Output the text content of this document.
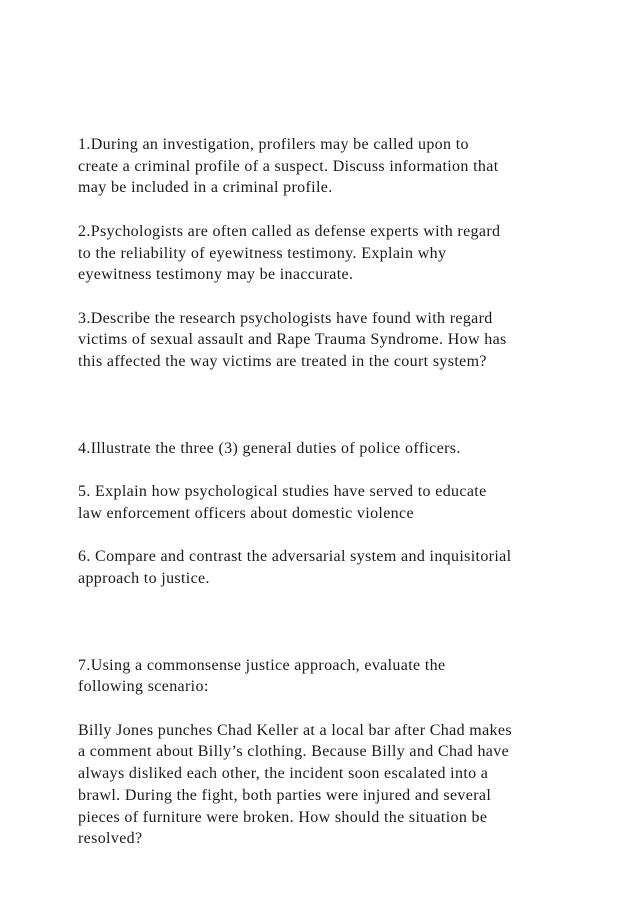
1.During an investigation, profilers may be called upon to
create a criminal profile of a suspect. Discuss information that
may be included in a criminal profile.

2.Psychologists are often called as defense experts with regard
to the reliability of eyewitness testimony. Explain why
eyewitness testimony may be inaccurate.

3.Describe the research psychologists have found with regard
victims of sexual assault and Rape Trauma Syndrome. How has
this affected the way victims are treated in the court system?

4.Illustrate the three (3) general duties of police officers.

5. Explain how psychological studies have served to educate
law enforcement officers about domestic violence

6. Compare and contrast the adversarial system and inquisitorial
approach to justice.

7.Using a commonsense justice approach, evaluate the
following scenario:

Billy Jones punches Chad Keller at a local bar after Chad makes
a comment about Billy’s clothing. Because Billy and Chad have
always disliked each other, the incident soon escalated into a
brawl. During the fight, both parties were injured and several
pieces of furniture were broken. How should the situation be
resolved?
